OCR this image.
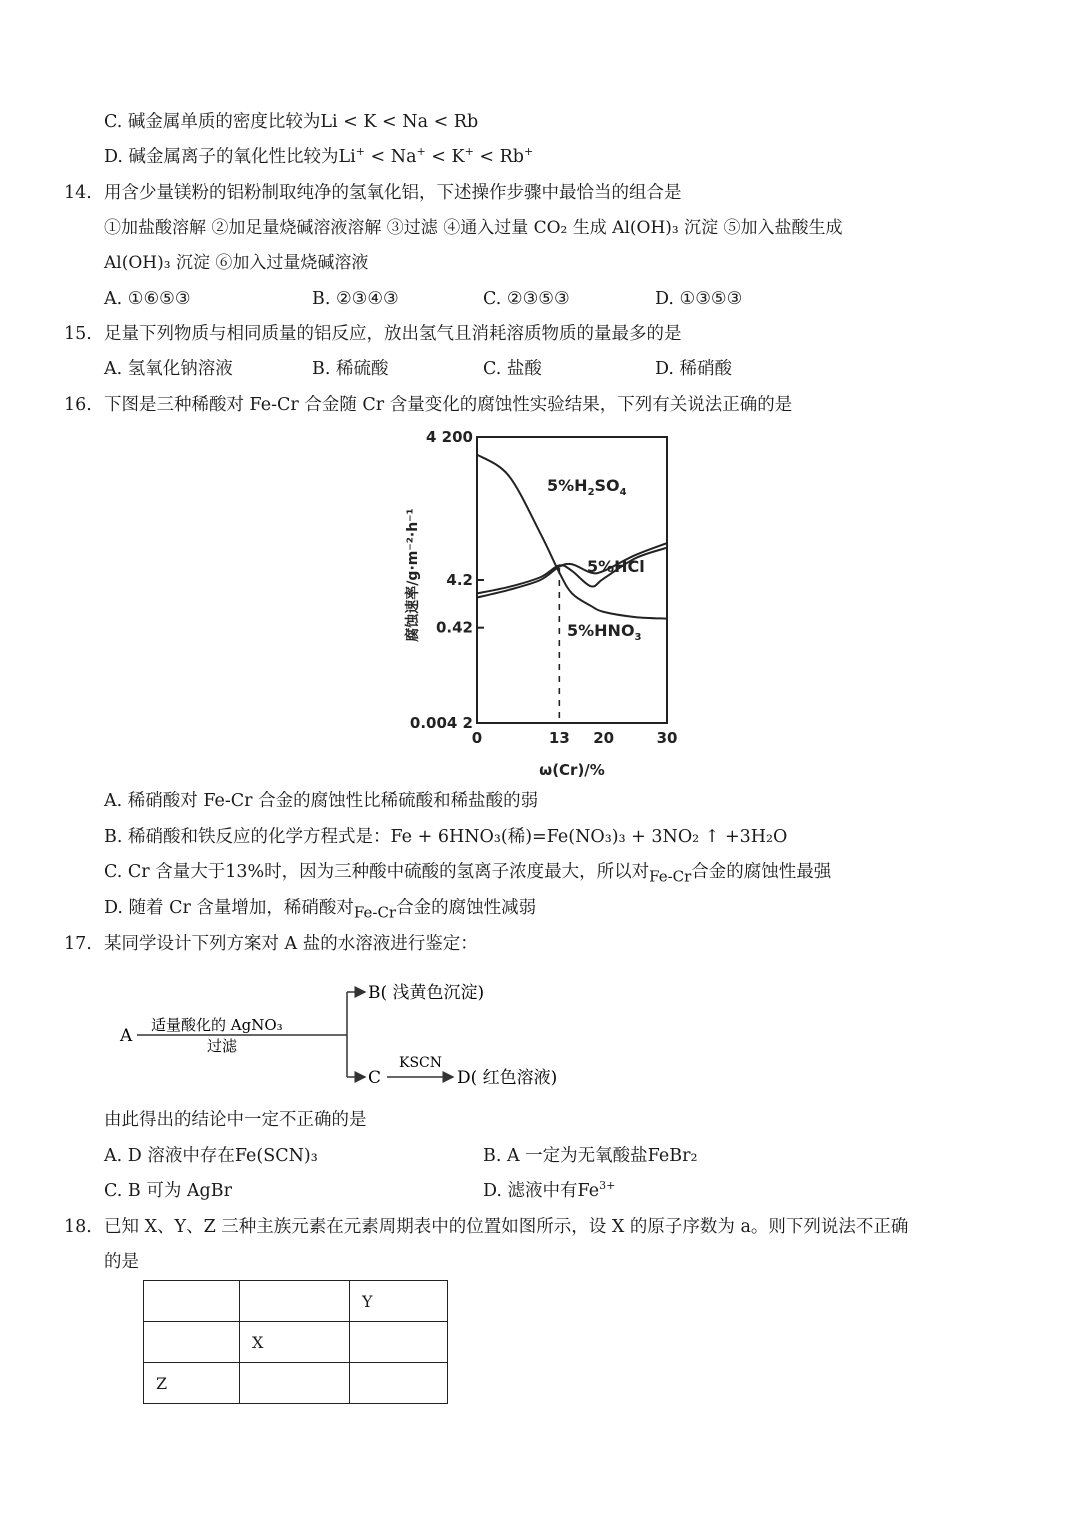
C. 碱金属单质的密度比较为Li < K < Na < Rb
D. 碱金属离子的氧化性比较为Li+ < Na+ < K+ < Rb+
14. 用含少量镁粉的铝粉制取纯净的氢氧化铝，下述操作步骤中最恰当的组合是
①加盐酸溶解 ②加足量烧碱溶液溶解 ③过滤 ④通入过量 CO₂ 生成 Al(OH)₃ 沉淀 ⑤加入盐酸生成
Al(OH)₃ 沉淀 ⑥加入过量烧碱溶液
A. ①⑥⑤③	B. ②③④③	C. ②③⑤③	D. ①③⑤③
15. 足量下列物质与相同质量的铝反应，放出氢气且消耗溶质物质的量最多的是
A. 氢氧化钠溶液	B. 稀硫酸	C. 盐酸	D. 稀硝酸
16. 下图是三种稀酸对 Fe-Cr 合金随 Cr 含量变化的腐蚀性实验结果，下列有关说法正确的是
4 200
4.2
0.42
0.004 2
0	13 20	30
$5\%H_2SO_4$
5%HCl
$5\%HNO_3$
腐蚀速率/g·m⁻²·h⁻¹
ω(Cr)/%
A. 稀硝酸对 Fe-Cr 合金的腐蚀性比稀硫酸和稀盐酸的弱
B. 稀硝酸和铁反应的化学方程式是：Fe + 6HNO₃(稀)=Fe(NO₃)₃ + 3NO₂ ↑ +3H₂O
C. Cr 含量大于13%时，因为三种酸中硫酸的氢离子浓度最大，所以对$_{Fe-Cr}$合金的腐蚀性最强
D. 随着 Cr 含量增加，稀硝酸对$_{Fe-Cr}$合金的腐蚀性减弱
17. 某同学设计下列方案对 A 盐的水溶液进行鉴定：
A
适量酸化的 AgNO₃
过滤
B( 浅黄色沉淀)
C
KSCN
D( 红色溶液)
由此得出的结论中一定不正确的是
A. D 溶液中存在Fe(SCN)₃	B. A 一定为无氧酸盐FeBr₂
C. B 可为 AgBr	D. 滤液中有$Fe^{3+}$
18. 已知 X、Y、Z 三种主族元素在元素周期表中的位置如图所示，设 X 的原子序数为 a。则下列说法不正确
的是
		Y
	X	
Z		
